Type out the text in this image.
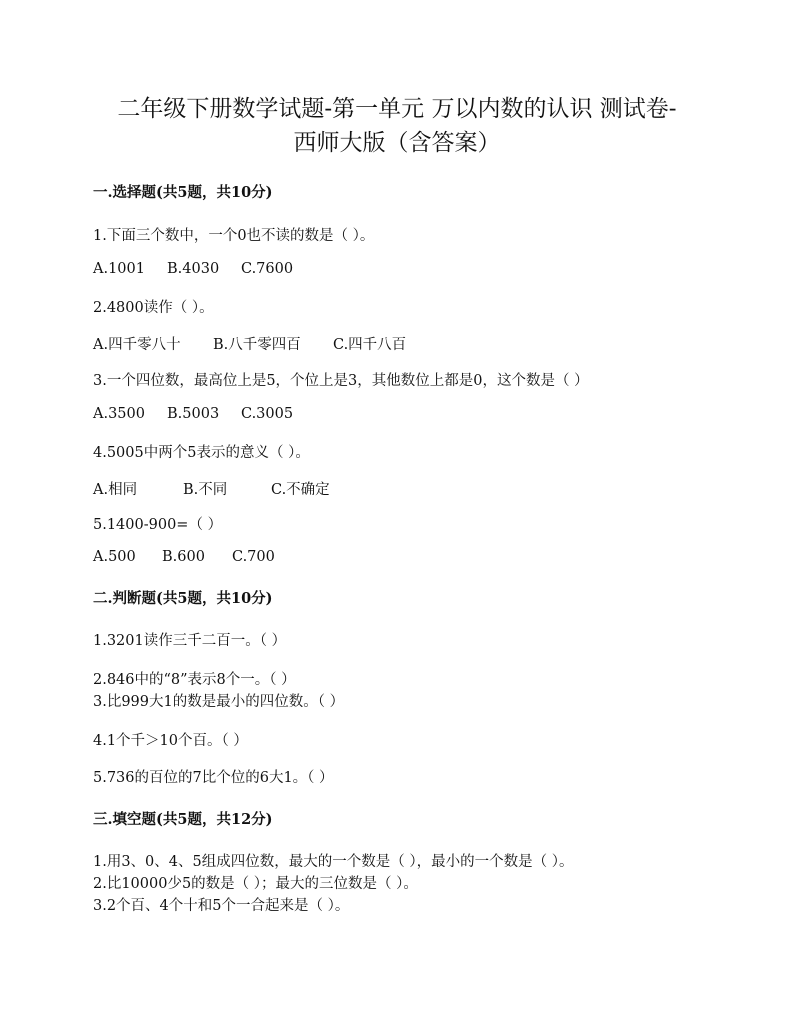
二年级下册数学试题-第一单元 万以内数的认识 测试卷-
西师大版（含答案）
一.选择题(共5题，共10分)
1.下面三个数中，一个0也不读的数是（ ）。
A.1001 B.4030 C.7600
2.4800读作（ ）。
A.四千零八十 B.八千零四百 C.四千八百
3.一个四位数，最高位上是5，个位上是3，其他数位上都是0，这个数是（ ）
A.3500 B.5003 C.3005
4.5005中两个5表示的意义（ ）。
A.相同	B.不同	C.不确定
5.1400-900=（ ）
A.500 B.600 C.700
二.判断题(共5题，共10分)
1.3201读作三千二百一。（ ）
2.846中的“8”表示8个一。（ ）
3.比999大1的数是最小的四位数。（ ）
4.1个千＞10个百。（ ）
5.736的百位的7比个位的6大1。（ ）
三.填空题(共5题，共12分)
1.用3、0、4、5组成四位数，最大的一个数是（ ），最小的一个数是（ ）。
2.比10000少5的数是（ ）；最大的三位数是（ ）。
3.2个百、4个十和5个一合起来是（ ）。
